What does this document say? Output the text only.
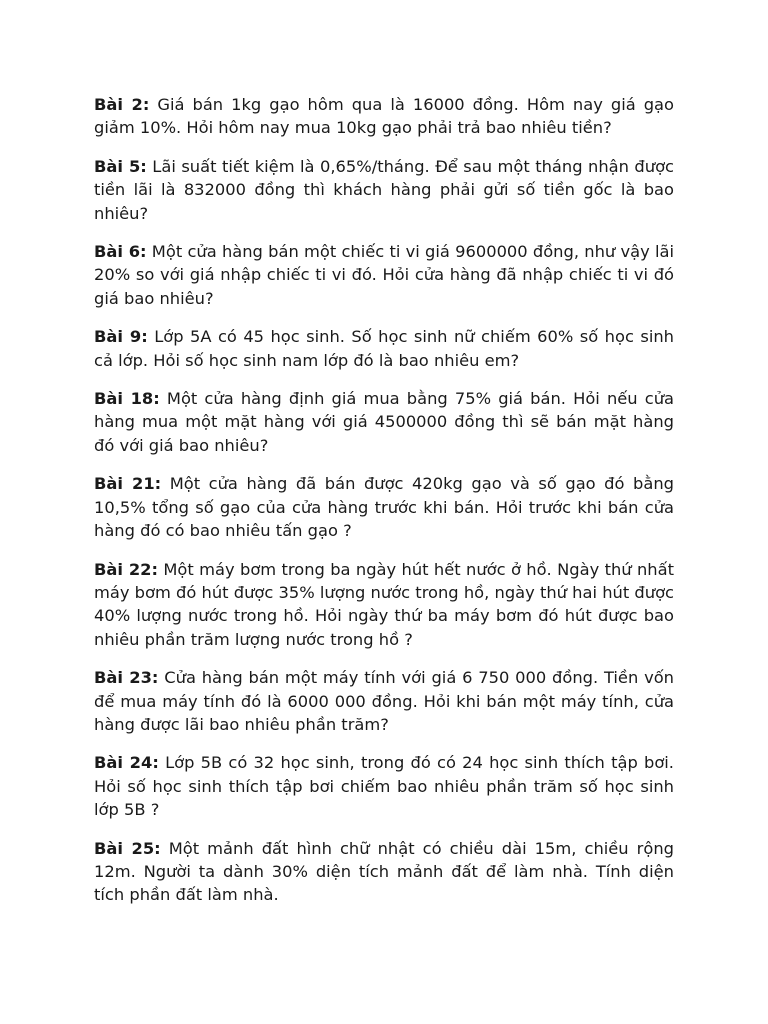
Bài 2: Giá bán 1kg gạo hôm qua là 16000 đồng. Hôm nay giá gạo giảm 10%. Hỏi hôm nay mua 10kg gạo phải trả bao nhiêu tiền?

Bài 5: Lãi suất tiết kiệm là 0,65%/tháng. Để sau một tháng nhận được tiền lãi là 832000 đồng thì khách hàng phải gửi số tiền gốc là bao nhiêu?

Bài 6: Một cửa hàng bán một chiếc ti vi giá 9600000 đồng, như vậy lãi 20% so với giá nhập chiếc ti vi đó. Hỏi cửa hàng đã nhập chiếc ti vi đó giá bao nhiêu?

Bài 9: Lớp 5A có 45 học sinh. Số học sinh nữ chiếm 60% số học sinh cả lớp. Hỏi số học sinh nam lớp đó là bao nhiêu em?

Bài 18: Một cửa hàng định giá mua bằng 75% giá bán. Hỏi nếu cửa hàng mua một mặt hàng với giá 4500000 đồng thì sẽ bán mặt hàng đó với giá bao nhiêu?

Bài 21: Một cửa hàng đã bán được 420kg gạo và số gạo đó bằng 10,5% tổng số gạo của cửa hàng trước khi bán. Hỏi trước khi bán cửa hàng đó có bao nhiêu tấn gạo ?

Bài 22: Một máy bơm trong ba ngày hút hết nước ở hồ. Ngày thứ nhất máy bơm đó hút được 35% lượng nước trong hồ, ngày thứ hai hút được 40% lượng nước trong hồ. Hỏi ngày thứ ba máy bơm đó hút được bao nhiêu phần trăm lượng nước trong hồ ?

Bài 23: Cửa hàng bán một máy tính với giá 6 750 000 đồng. Tiền vốn để mua máy tính đó là 6000 000 đồng. Hỏi khi bán một máy tính, cửa hàng được lãi bao nhiêu phần trăm?

Bài 24: Lớp 5B có 32 học sinh, trong đó có 24 học sinh thích tập bơi. Hỏi số học sinh thích tập bơi chiếm bao nhiêu phần trăm số học sinh lớp 5B ?

Bài 25: Một mảnh đất hình chữ nhật có chiều dài 15m, chiều rộng 12m. Người ta dành 30% diện tích mảnh đất để làm nhà. Tính diện tích phần đất làm nhà.
